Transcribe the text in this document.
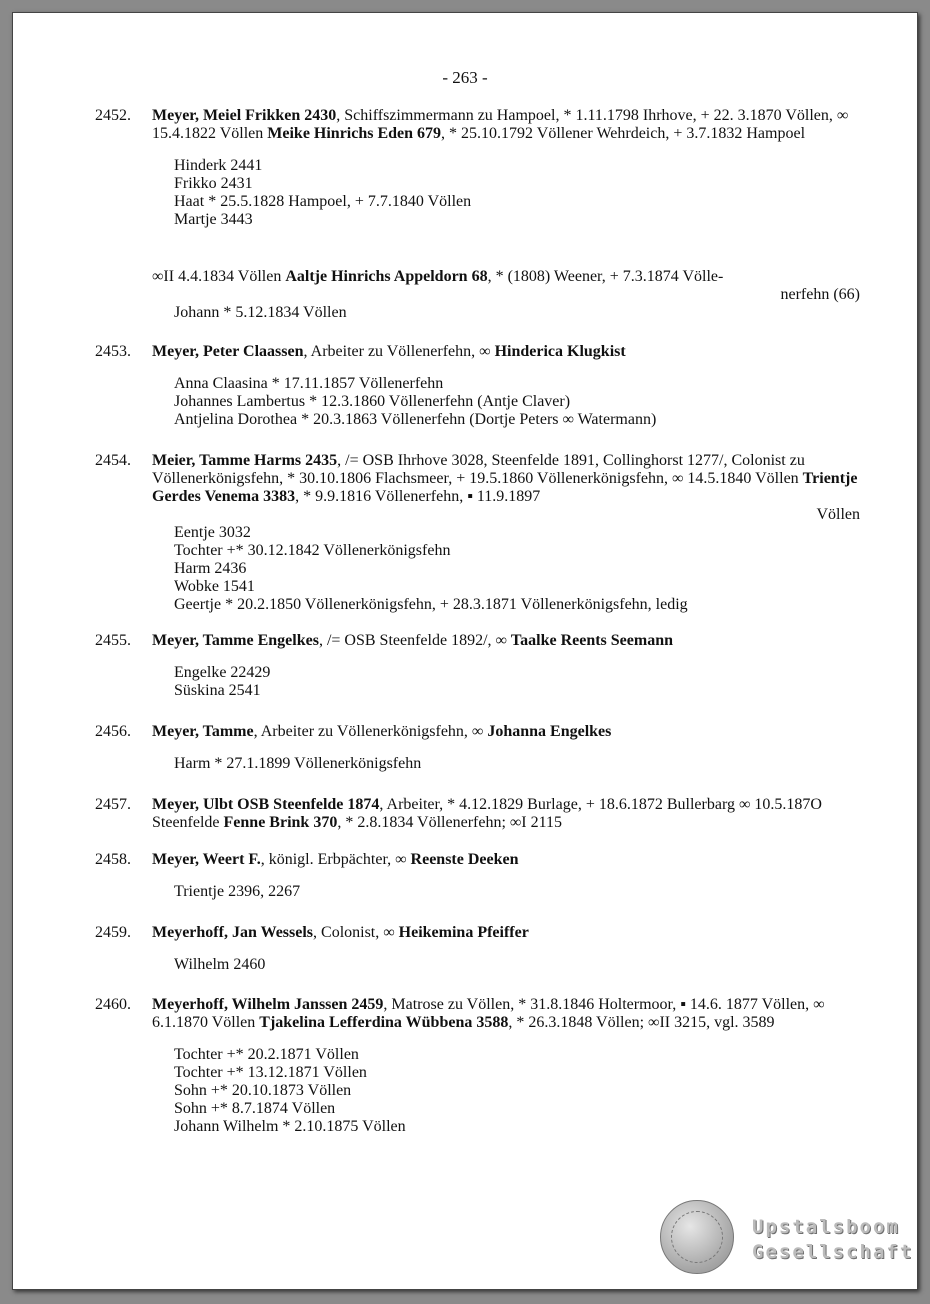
- 263 -
2452.	Meyer, Meiel Frikken 2430, Schiffszimmermann zu Hampoel, * 1.11.1798 Ihrhove, + 22. 3.1870 Völlen, ∞ 15.4.1822 Völlen Meike Hinrichs Eden 679, * 25.10.1792 Völlener Wehrdeich, + 3.7.1832 Hampoel
Hinderk 2441
Frikko 2431
Haat * 25.5.1828 Hampoel, + 7.7.1840 Völlen
Martje 3443
∞II 4.4.1834 Völlen Aaltje Hinrichs Appeldorn 68, * (1808) Weener, + 7.3.1874 Völle-
nerfehn (66)
Johann * 5.12.1834 Völlen
2453.	Meyer, Peter Claassen, Arbeiter zu Völlenerfehn, ∞ Hinderica Klugkist
Anna Claasina * 17.11.1857 Völlenerfehn
Johannes Lambertus * 12.3.1860 Völlenerfehn (Antje Claver)
Antjelina Dorothea * 20.3.1863 Völlenerfehn (Dortje Peters ∞ Watermann)
2454.	Meier, Tamme Harms 2435, /= OSB Ihrhove 3028, Steenfelde 1891, Collinghorst 1277/, Colonist zu Völlenerkönigsfehn, * 30.10.1806 Flachsmeer, + 19.5.1860 Völlenerkönigsfehn, ∞ 14.5.1840 Völlen Trientje Gerdes Venema 3383, * 9.9.1816 Völlenerfehn, ▪ 11.9.1897
Völlen
Eentje 3032
Tochter +* 30.12.1842 Völlenerkönigsfehn
Harm 2436
Wobke 1541
Geertje * 20.2.1850 Völlenerkönigsfehn, + 28.3.1871 Völlenerkönigsfehn, ledig
2455.	Meyer, Tamme Engelkes, /= OSB Steenfelde 1892/, ∞ Taalke Reents Seemann
Engelke 22429
Süskina 2541
2456.	Meyer, Tamme, Arbeiter zu Völlenerkönigsfehn, ∞ Johanna Engelkes
Harm * 27.1.1899 Völlenerkönigsfehn
2457.	Meyer, Ulbt OSB Steenfelde 1874, Arbeiter, * 4.12.1829 Burlage, + 18.6.1872 Bullerbarg ∞ 10.5.187O Steenfelde Fenne Brink 370, * 2.8.1834 Völlenerfehn; ∞I 2115
2458.	Meyer, Weert F., königl. Erbpächter, ∞ Reenste Deeken
Trientje 2396, 2267
2459.	Meyerhoff, Jan Wessels, Colonist, ∞ Heikemina Pfeiffer
Wilhelm 2460
2460.	Meyerhoff, Wilhelm Janssen 2459, Matrose zu Völlen, * 31.8.1846 Holtermoor, ▪ 14.6. 1877 Völlen, ∞ 6.1.1870 Völlen Tjakelina Lefferdina Wübbena 3588, * 26.3.1848 Völlen; ∞II 3215, vgl. 3589
Tochter +* 20.2.1871 Völlen
Tochter +* 13.12.1871 Völlen
Sohn +* 20.10.1873 Völlen
Sohn +* 8.7.1874 Völlen
Johann Wilhelm * 2.10.1875 Völlen
Upstalsboom
Gesellschaft
